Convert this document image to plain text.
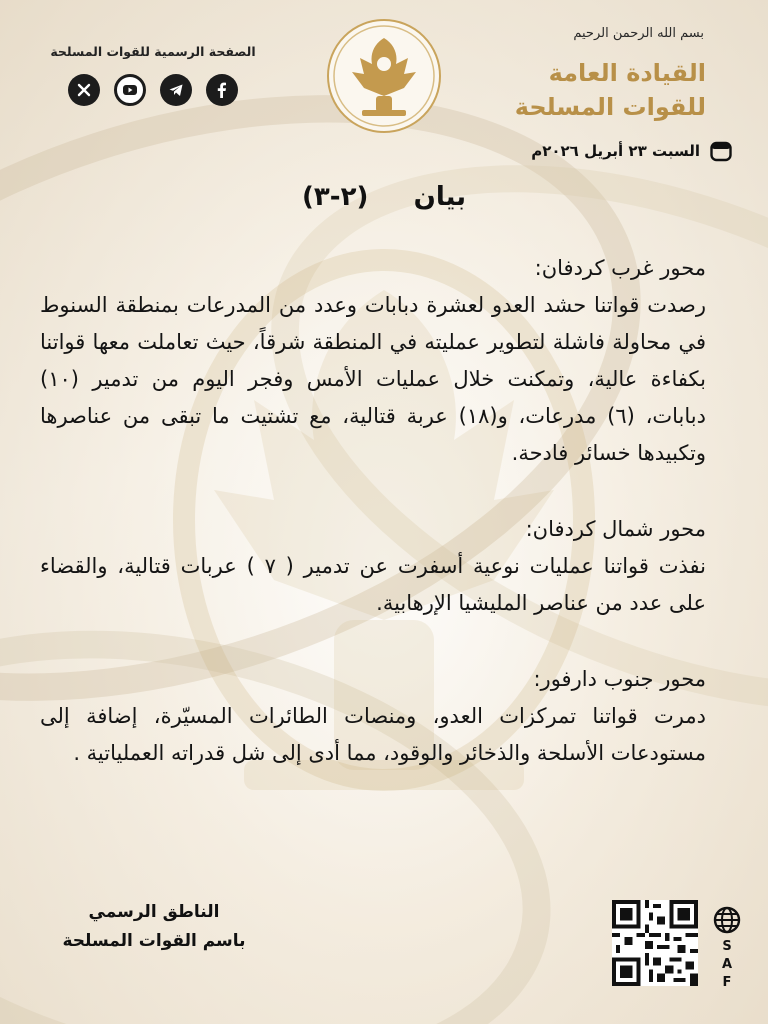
بسم الله الرحمن الرحيم
القيادة العامة
للقوات المسلحة
السبت ٢٣ أبريل ٢٠٢٦م
الصفحة الرسمية للقوات المسلحة
بيان     (٢-٣)
محور غرب كردفان:
رصدت قواتنا حشد العدو لعشرة دبابات وعدد من المدرعات بمنطقة السنوط في محاولة فاشلة لتطوير عمليته في المنطقة شرقاً، حيث تعاملت معها قواتنا بكفاءة عالية، وتمكنت خلال عمليات الأمس وفجر اليوم من تدمير (١٠) دبابات، (٦) مدرعات، و(١٨) عربة قتالية، مع تشتيت ما تبقى من عناصرها وتكبيدها خسائر فادحة.
محور شمال كردفان:
نفذت قواتنا عمليات نوعية أسفرت عن تدمير ( ٧ ) عربات قتالية، والقضاء على عدد من عناصر المليشيا الإرهابية.
محور جنوب دارفور:
دمرت قواتنا تمركزات العدو، ومنصات الطائرات المسيّرة، إضافة إلى مستودعات الأسلحة والذخائر والوقود، مما أدى إلى شل قدراته العملياتية .
الناطق الرسمي
باسم القوات المسلحة	S
A
F
